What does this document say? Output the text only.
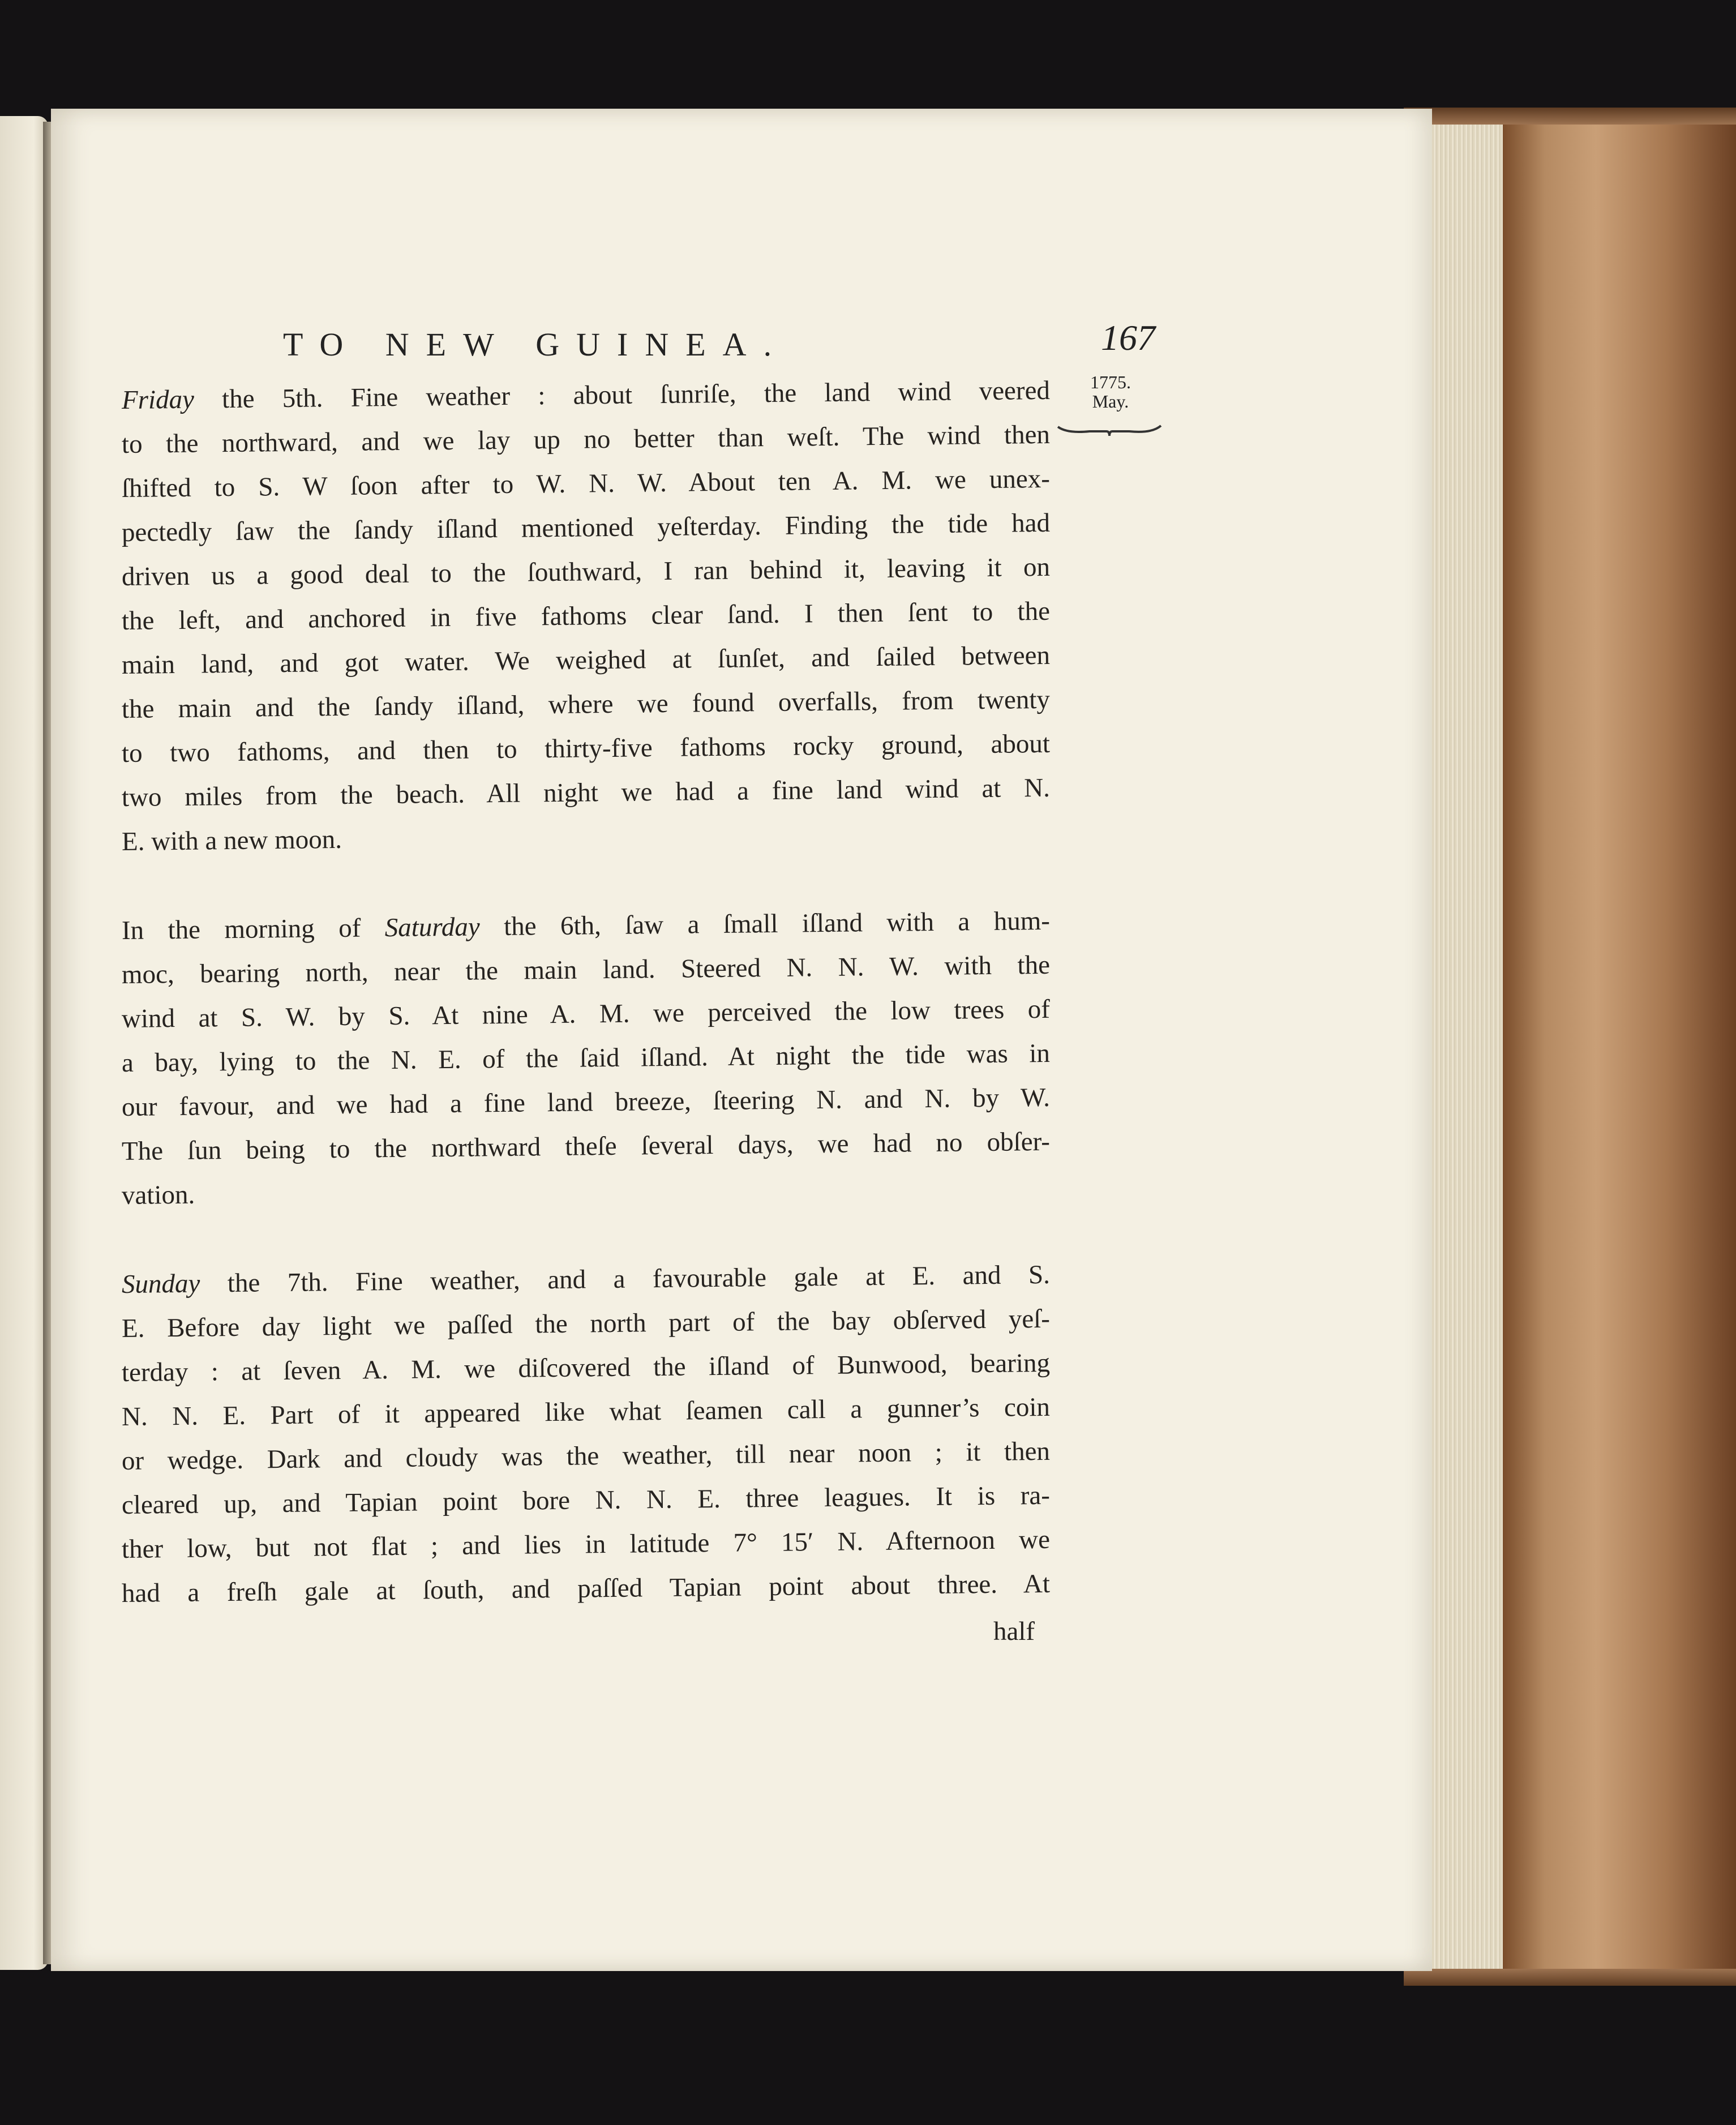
TO NEW GUINEA.	167
1775.
May.
Friday the 5th. Fine weather : about ſunriſe, the land wind veered
to the northward, and we lay up no better than weſt. The wind then
ſhifted to S. W ſoon after to W. N. W. About ten A. M. we unex-
pectedly ſaw the ſandy iſland mentioned yeſterday. Finding the tide had
driven us a good deal to the ſouthward, I ran behind it, leaving it on
the left, and anchored in five fathoms clear ſand. I then ſent to the
main land, and got water. We weighed at ſunſet, and ſailed between
the main and the ſandy iſland, where we found overfalls, from twenty
to two fathoms, and then to thirty-five fathoms rocky ground, about
two miles from the beach. All night we had a fine land wind at N.
E. with a new moon.
In the morning of Saturday the 6th, ſaw a ſmall iſland with a hum-
moc, bearing north, near the main land. Steered N. N. W. with the
wind at S. W. by S. At nine A. M. we perceived the low trees of
a bay, lying to the N. E. of the ſaid iſland. At night the tide was in
our favour, and we had a fine land breeze, ſteering N. and N. by W.
The ſun being to the northward theſe ſeveral days, we had no obſer-
vation.
Sunday the 7th. Fine weather, and a favourable gale at E. and S.
E. Before day light we paſſed the north part of the bay obſerved yeſ-
terday : at ſeven A. M. we diſcovered the iſland of Bunwood, bearing
N. N. E. Part of it appeared like what ſeamen call a gunner’s coin
or wedge. Dark and cloudy was the weather, till near noon ; it then
cleared up, and Tapian point bore N. N. E. three leagues. It is ra-
ther low, but not flat ; and lies in latitude 7° 15′ N. Afternoon we
had a freſh gale at ſouth, and paſſed Tapian point about three. At
half
